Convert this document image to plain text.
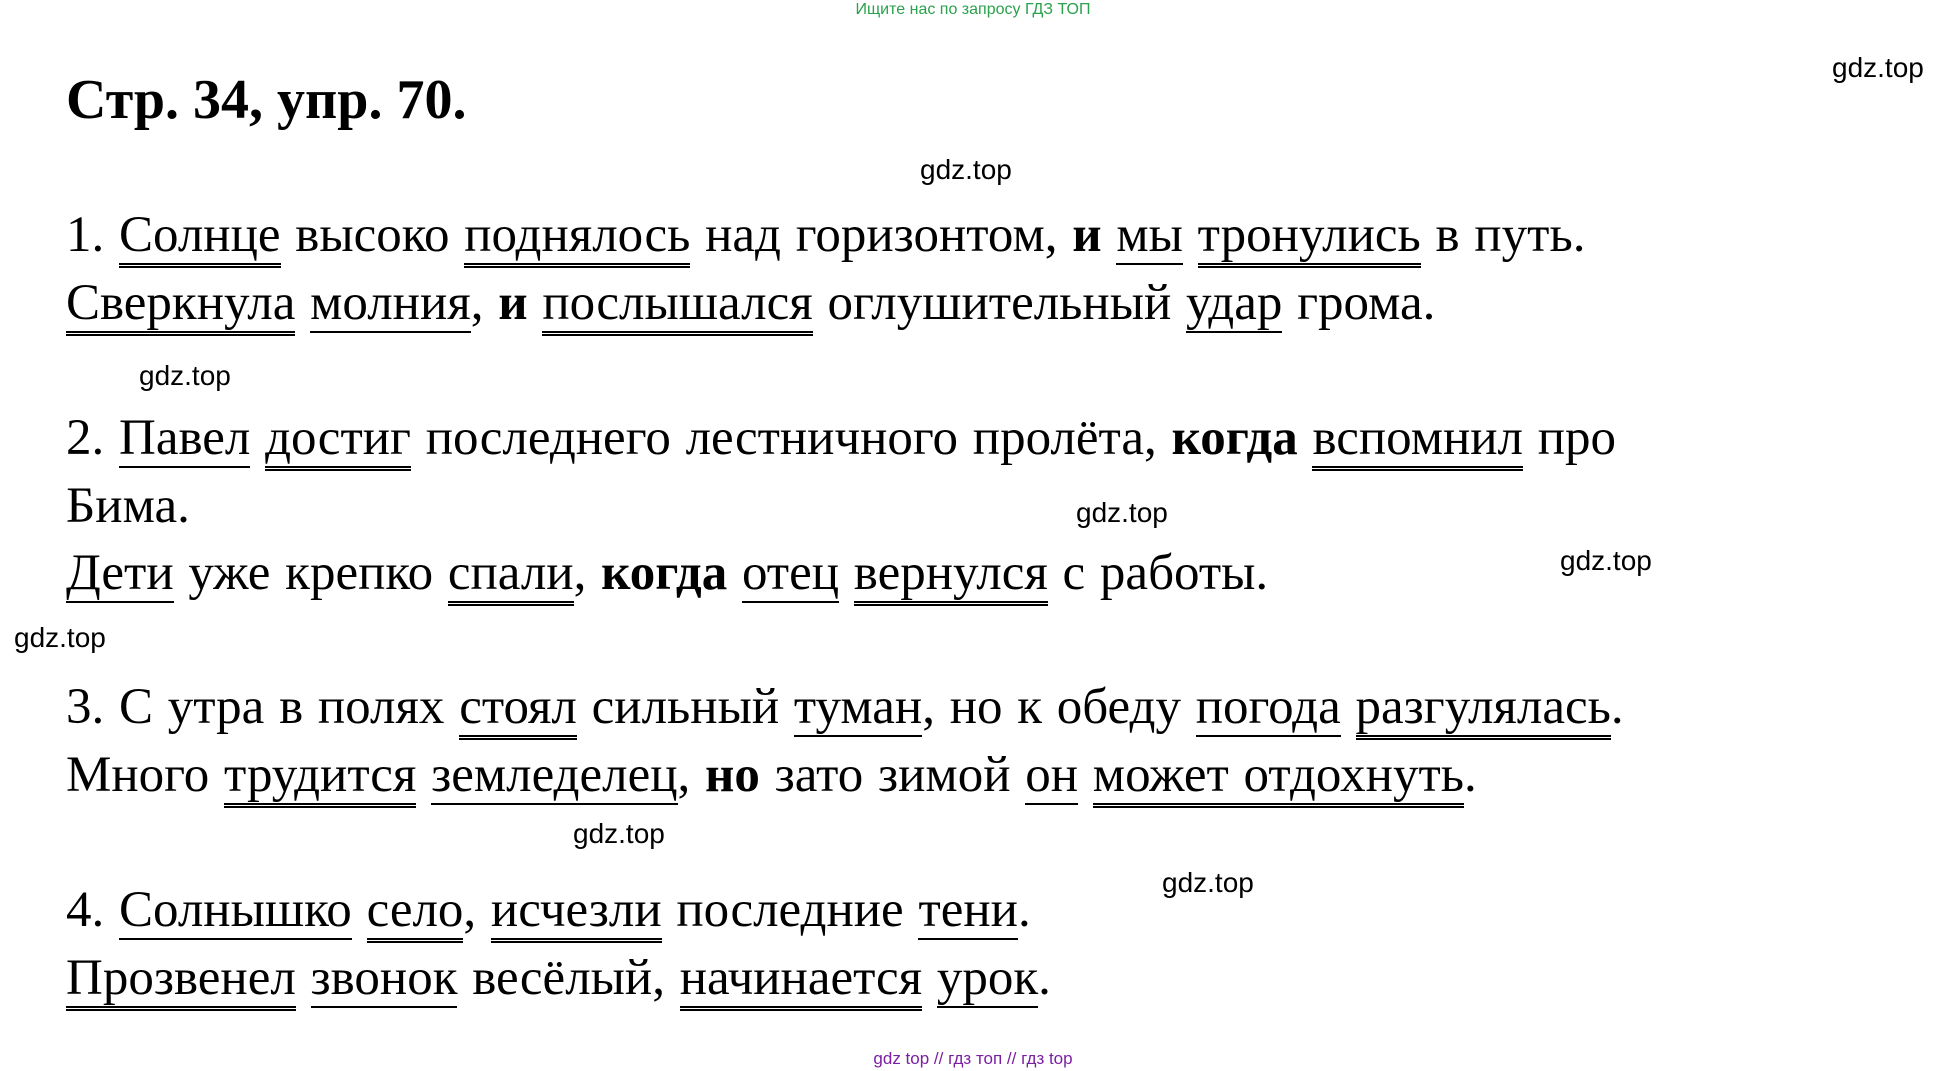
Ищите нас по запросу ГДЗ ТОП
Стр. 34, упр. 70.
gdz.top
gdz.top
gdz.top
gdz.top
gdz.top
gdz.top
gdz.top
gdz.top
1. Солнце высоко поднялось над горизонтом, и мы тронулись в путь.
Сверкнула молния, и послышался оглушительный удар грома.
2. Павел достиг последнего лестничного пролёта, когда вспомнил про
Бима.
Дети уже крепко спали, когда отец вернулся с работы.
3. С утра в полях стоял сильный туман, но к обеду погода разгулялась.
Много трудится земледелец, но зато зимой он может отдохнуть.
4. Солнышко село, исчезли последние тени.
Прозвенел звонок весёлый, начинается урок.
gdz top // гдз топ // гдз top
